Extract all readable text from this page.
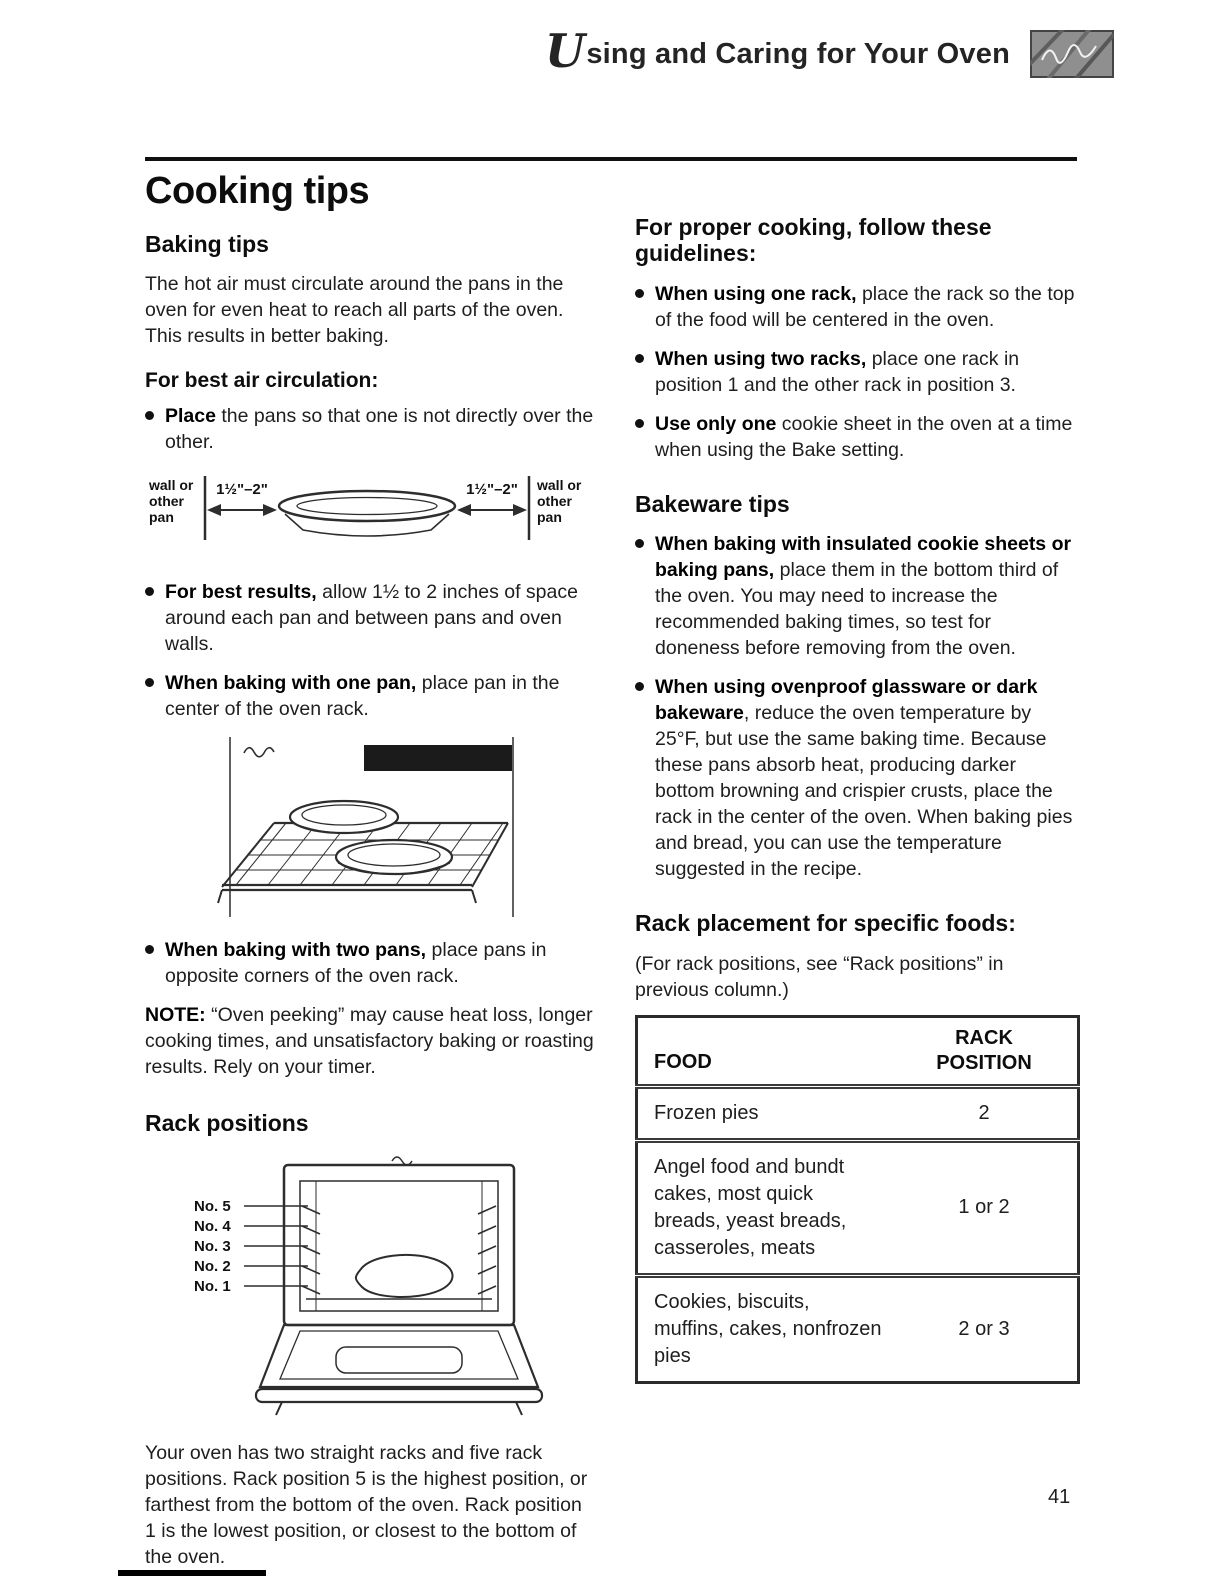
Using and Caring for Your Oven
Cooking tips
Baking tips

The hot air must circulate around the pans in the oven for even heat to reach all parts of the oven. This results in better baking.

For best air circulation:

Place the pans so that one is not directly over the other.

wall or
other
pan
1½"–2"	1½"–2" wall or
other
pan

For best results, allow 1½ to 2 inches of space around each pan and between pans and oven walls.

When baking with one pan, place pan in the center of the oven rack.

When baking with two pans, place pans in opposite corners of the oven rack.

NOTE: “Oven peeking” may cause heat loss, longer cooking times, and unsatisfactory baking or roasting results. Rely on your timer.

Rack positions
No. 5
No. 4
No. 3
No. 2
No. 1

Your oven has two straight racks and five rack positions. Rack position 5 is the highest position, or farthest from the bottom of the oven. Rack position 1 is the lowest position, or closest to the bottom of the oven.

For proper cooking, follow these guidelines:

When using one rack, place the rack so the top of the food will be centered in the oven.

When using two racks, place one rack in position 1 and the other rack in position 3.

Use only one cookie sheet in the oven at a time when using the Bake setting.

Bakeware tips

When baking with insulated cookie sheets or baking pans, place them in the bottom third of the oven. You may need to increase the recommended baking times, so test for doneness before removing from the oven.

When using ovenproof glassware or dark bakeware, reduce the oven temperature by 25°F, but use the same baking time. Because these pans absorb heat, producing darker bottom browning and crispier crusts, place the rack in the center of the oven. When baking pies and bread, you can use the temperature suggested in the recipe.

Rack placement for specific foods:

(For rack positions, see “Rack positions” in previous column.)

FOOD	RACK
POSITION
Frozen pies	2
Angel food and bundt cakes, most quick breads, yeast breads, casseroles, meats	1 or 2
Cookies, biscuits, muffins, cakes, nonfrozen pies	2 or 3
41
